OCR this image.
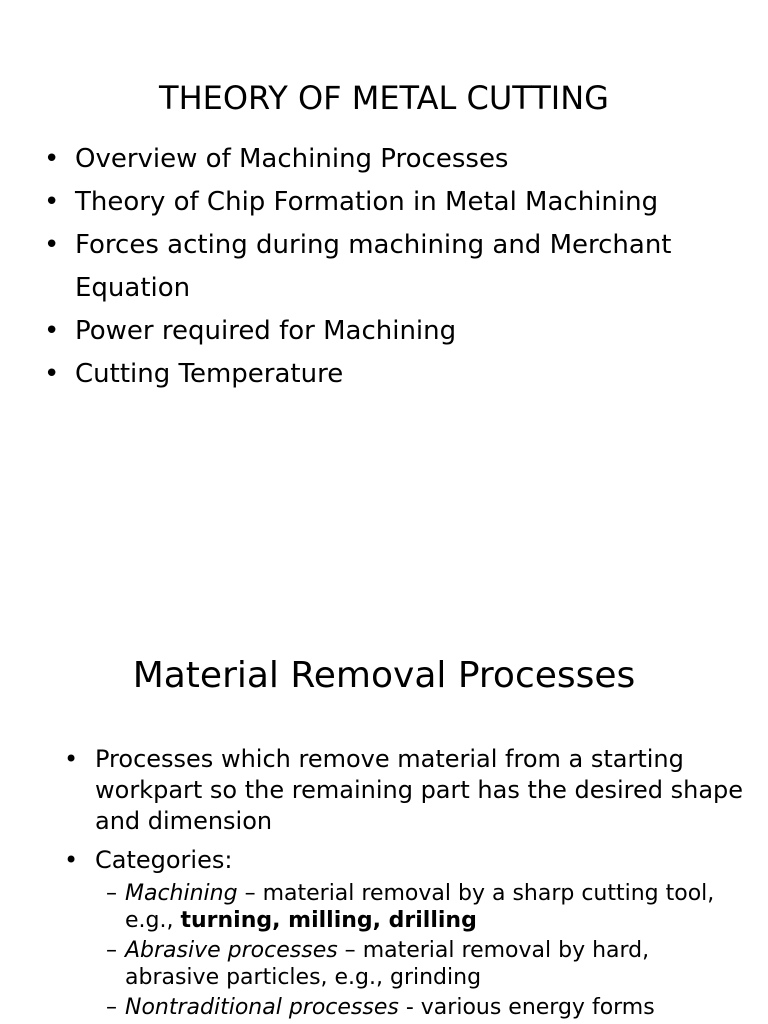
THEORY OF METAL CUTTING
• Overview of Machining Processes
• Theory of Chip Formation in Metal Machining
• Forces acting during machining and Merchant Equation
• Power required for Machining
• Cutting Temperature
Material Removal Processes
• Processes which remove material from a starting workpart so the remaining part has the desired shape and dimension
• Categories:
– Machining – material removal by a sharp cutting tool, e.g., turning, milling, drilling
– Abrasive processes – material removal by hard, abrasive particles, e.g., grinding
– Nontraditional processes - various energy forms
